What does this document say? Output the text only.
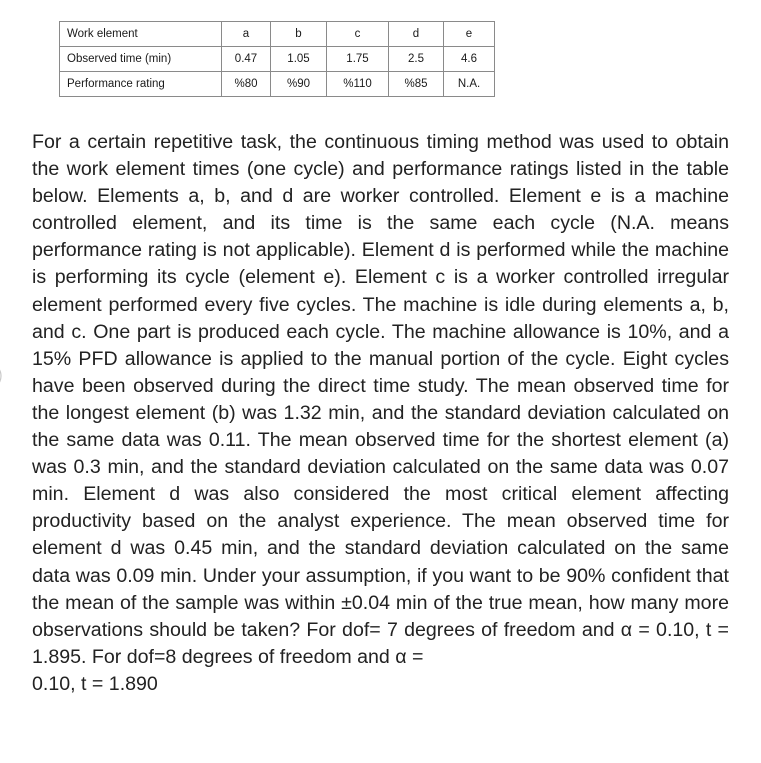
Work element	a	b	c	d	e
Observed time (min)	0.47	1.05	1.75	2.5	4.6
Performance rating	%80	%90	%110	%85	N.A.

For a certain repetitive task, the continuous timing method was used to obtain the work element times (one cycle) and performance ratings listed in the table below. Elements a, b, and d are worker controlled. Element e is a machine controlled element, and its time is the same each cycle (N.A. means performance rating is not applicable). Element d is performed while the machine is performing its cycle (element e). Element c is a worker controlled irregular element performed every five cycles. The machine is idle during elements a, b, and c. One part is produced each cycle. The machine allowance is 10%, and a 15% PFD allowance is applied to the manual portion of the cycle. Eight cycles have been observed during the direct time study. The mean observed time for the longest element (b) was 1.32 min, and the standard deviation calculated on the same data was 0.11. The mean observed time for the shortest element (a) was 0.3 min, and the standard deviation calculated on the same data was 0.07 min. Element d was also considered the most critical element affecting productivity based on the analyst experience. The mean observed time for element d was 0.45 min, and the standard deviation calculated on the same data was 0.09 min. Under your assumption, if you want to be 90% confident that the mean of the sample was within ±0.04 min of the true mean, how many more observations should be taken? For dof= 7 degrees of freedom and α = 0.10, t = 1.895. For dof=8 degrees of freedom and α =
0.10, t = 1.890
